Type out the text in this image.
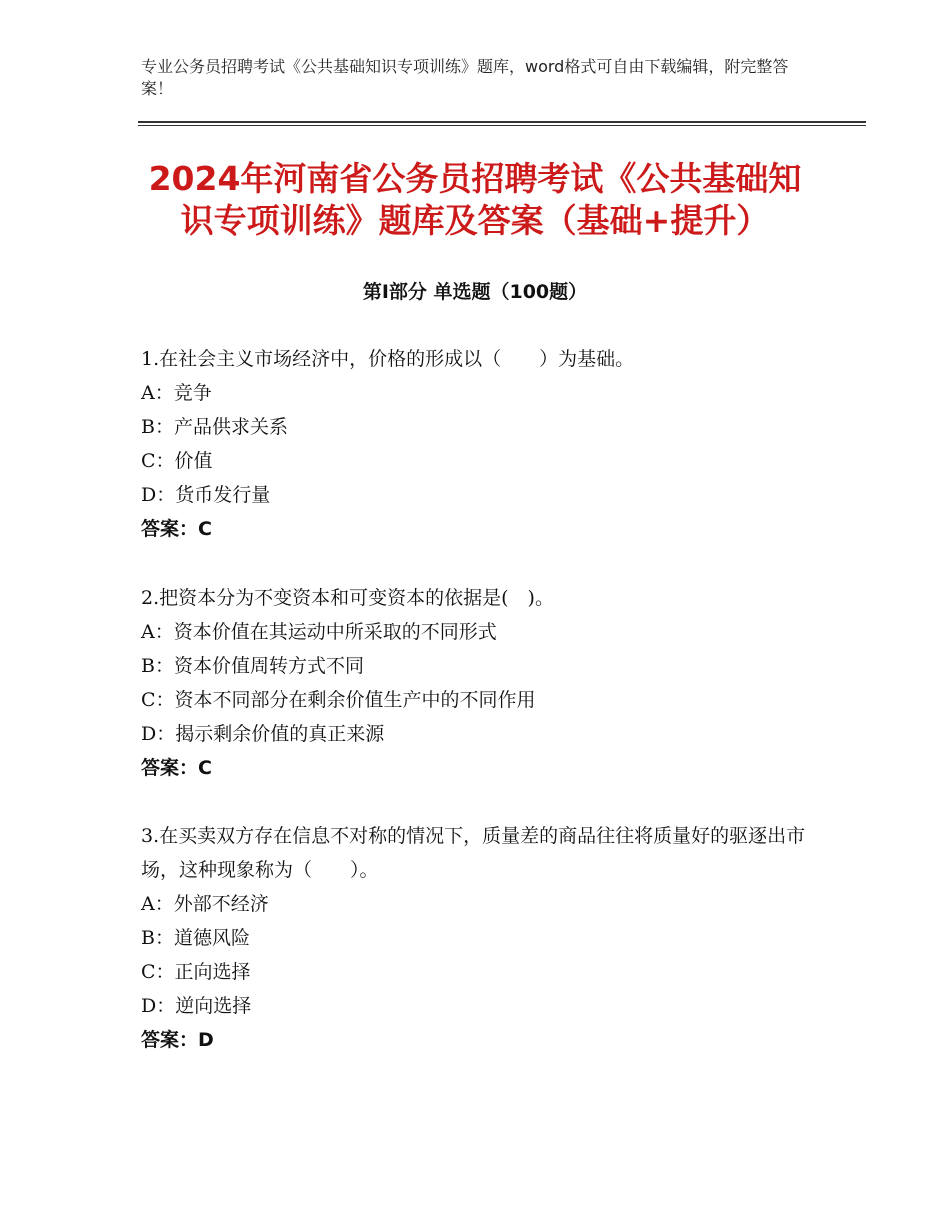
专业公务员招聘考试《公共基础知识专项训练》题库，word格式可自由下载编辑，附完整答案！
2024年河南省公务员招聘考试《公共基础知识专项训练》题库及答案（基础+提升）
第Ⅰ部分 单选题（100题）

1.在社会主义市场经济中，价格的形成以（　　）为基础。

A：竞争

B：产品供求关系

C：价值

D：货币发行量

答案：C

2.把资本分为不变资本和可变资本的依据是(　)。

A：资本价值在其运动中所采取的不同形式

B：资本价值周转方式不同

C：资本不同部分在剩余价值生产中的不同作用

D：揭示剩余价值的真正来源

答案：C

3.在买卖双方存在信息不对称的情况下，质量差的商品往往将质量好的驱逐出市场，这种现象称为（　　）。

A：外部不经济

B：道德风险

C：正向选择

D：逆向选择

答案：D
